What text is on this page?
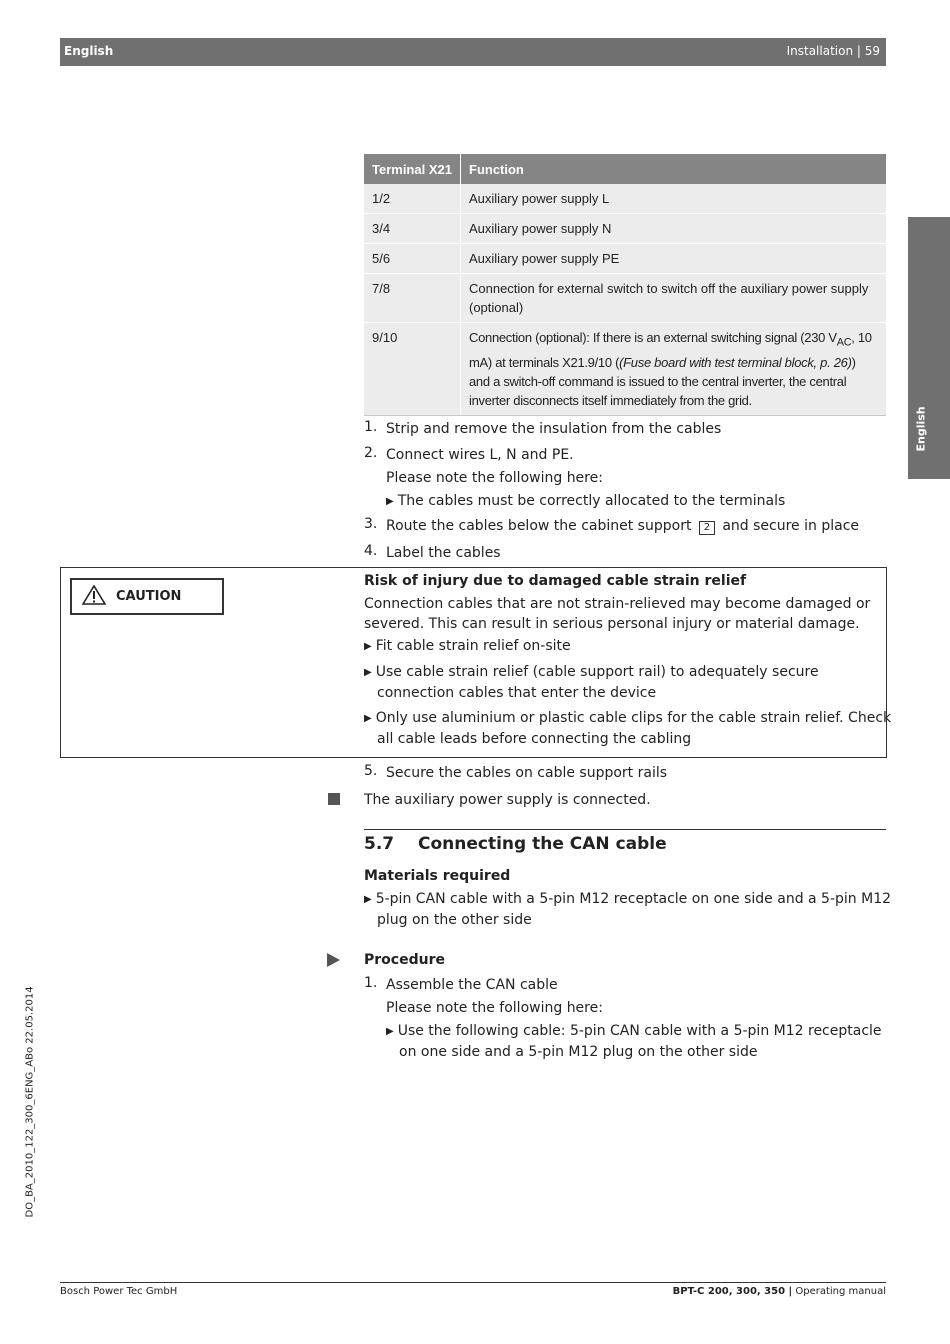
English	Installation | 59
English
DO_BA_2010_122_300_6ENG_ABo 22.05.2014
Terminal X21	Function
1/2	Auxiliary power supply L
3/4	Auxiliary power supply N
5/6	Auxiliary power supply PE
7/8	Connection for external switch to switch off the auxiliary power supply (optional)
9/10	Connection (optional): If there is an external switching signal (230 $V_{AC}$, 10 mA) at terminals X21.9/10 ((Fuse board with test terminal block, p. 26)) and a switch-off command is issued to the central inverter, the central inverter disconnects itself immediately from the grid.
1. Strip and remove the insulation from the cables
2. Connect wires L, N and PE.
Please note the following here:
▶ The cables must be correctly allocated to the terminals
3. Route the cables below the cabinet support 2 and secure in place
4. Label the cables
CAUTION
Risk of injury due to damaged cable strain relief
Connection cables that are not strain-relieved may become damaged or severed. This can result in serious personal injury or material damage.
▶ Fit cable strain relief on-site
▶ Use cable strain relief (cable support rail) to adequately secure connection cables that enter the device
▶ Only use aluminium or plastic cable clips for the cable strain relief. Check all cable leads before connecting the cabling
5. Secure the cables on cable support rails
The auxiliary power supply is connected.
5.7 Connecting the CAN cable
Materials required
▶ 5-pin CAN cable with a 5-pin M12 receptacle on one side and a 5-pin M12 plug on the other side
Procedure
1. Assemble the CAN cable
Please note the following here:
▶ Use the following cable: 5-pin CAN cable with a 5-pin M12 receptacle on one side and a 5-pin M12 plug on the other side
Bosch Power Tec GmbH	BPT-C 200, 300, 350 | Operating manual
